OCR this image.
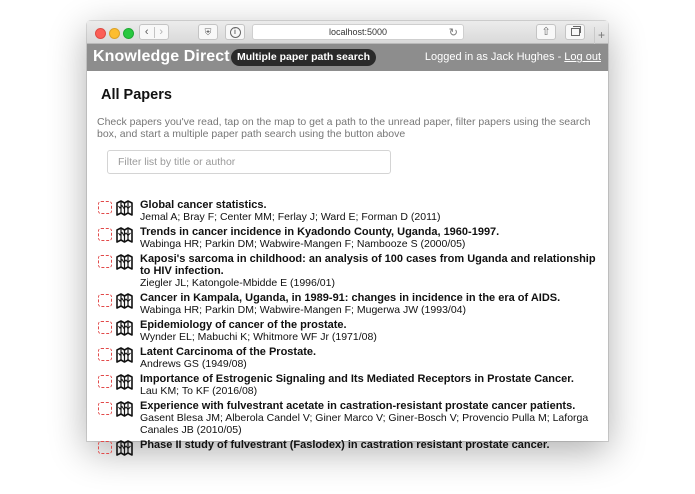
‹ ›	⛨	i	localhost:5000	↻	⇧	+
Knowledge Direct Multiple paper path search	Logged in as Jack Hughes - Log out
All Papers
Check papers you've read, tap on the map to get a path to the unread paper, filter papers using the search box, and start a multiple paper path search using the button above
Filter list by title or author
Global cancer statistics.
Jemal A; Bray F; Center MM; Ferlay J; Ward E; Forman D (2011)
Trends in cancer incidence in Kyadondo County, Uganda, 1960-1997.
Wabinga HR; Parkin DM; Wabwire-Mangen F; Nambooze S (2000/05)
Kaposi's sarcoma in childhood: an analysis of 100 cases from Uganda and relationship to HIV infection.
Ziegler JL; Katongole-Mbidde E (1996/01)
Cancer in Kampala, Uganda, in 1989-91: changes in incidence in the era of AIDS.
Wabinga HR; Parkin DM; Wabwire-Mangen F; Mugerwa JW (1993/04)
Epidemiology of cancer of the prostate.
Wynder EL; Mabuchi K; Whitmore WF Jr (1971/08)
Latent Carcinoma of the Prostate.
Andrews GS (1949/08)
Importance of Estrogenic Signaling and Its Mediated Receptors in Prostate Cancer.
Lau KM; To KF (2016/08)
Experience with fulvestrant acetate in castration-resistant prostate cancer patients.
Gasent Blesa JM; Alberola Candel V; Giner Marco V; Giner-Bosch V; Provencio Pulla M; Laforga Canales JB (2010/05)
Phase II study of fulvestrant (Faslodex) in castration resistant prostate cancer.
